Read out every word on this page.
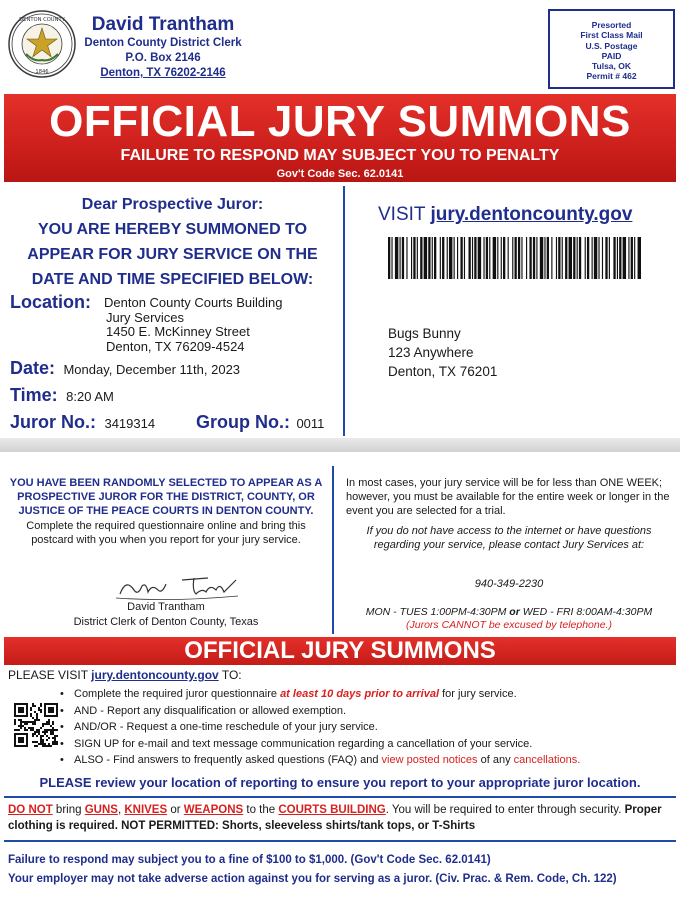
DENTON COUNTY
1846
David Trantham
Denton County District Clerk
P.O. Box 2146
Denton, TX 76202-2146
Presorted
First Class Mail
U.S. Postage
PAID
Tulsa, OK
Permit # 462
OFFICIAL JURY SUMMONS
FAILURE TO RESPOND MAY SUBJECT YOU TO PENALTY
Gov't Code Sec. 62.0141
Dear Prospective Juror:
YOU ARE HEREBY SUMMONED TO
APPEAR FOR JURY SERVICE ON THE
DATE AND TIME SPECIFIED BELOW:
Location: Denton County Courts Building
Jury Services
1450 E. McKinney Street
Denton, TX 76209-4524
Date: Monday, December 11th, 2023
Time: 8:20 AM
Juror No.: 3419314 Group No.: 0011
VISIT jury.dentoncounty.gov
Bugs Bunny
123 Anywhere
Denton, TX 76201
YOU HAVE BEEN RANDOMLY SELECTED TO APPEAR AS A PROSPECTIVE JUROR FOR THE DISTRICT, COUNTY, OR JUSTICE OF THE PEACE COURTS IN DENTON COUNTY. Complete the required questionnaire online and bring this postcard with you when you report for your jury service.
David Trantham
District Clerk of Denton County, Texas
In most cases, your jury service will be for less than ONE WEEK; however, you must be available for the entire week or longer in the event you are selected for a trial.
If you do not have access to the internet or have questions regarding your service, please contact Jury Services at:
940-349-2230
MON - TUES 1:00PM-4:30PM or WED - FRI 8:00AM-4:30PM
(Jurors CANNOT be excused by telephone.)
OFFICIAL JURY SUMMONS
PLEASE VISIT jury.dentoncounty.gov TO:
• Complete the required juror questionnaire at least 10 days prior to arrival for jury service.
• AND - Report any disqualification or allowed exemption.
• AND/OR - Request a one-time reschedule of your jury service.
• SIGN UP for e-mail and text message communication regarding a cancellation of your service.
• ALSO - Find answers to frequently asked questions (FAQ) and view posted notices of any cancellations.
PLEASE review your location of reporting to ensure you report to your appropriate juror location.
DO NOT bring GUNS, KNIVES or WEAPONS to the COURTS BUILDING. You will be required to enter through security. Proper clothing is required. NOT PERMITTED: Shorts, sleeveless shirts/tank tops, or T-Shirts
Failure to respond may subject you to a fine of $100 to $1,000. (Gov't Code Sec. 62.0141)
Your employer may not take adverse action against you for serving as a juror. (Civ. Prac. & Rem. Code, Ch. 122)
